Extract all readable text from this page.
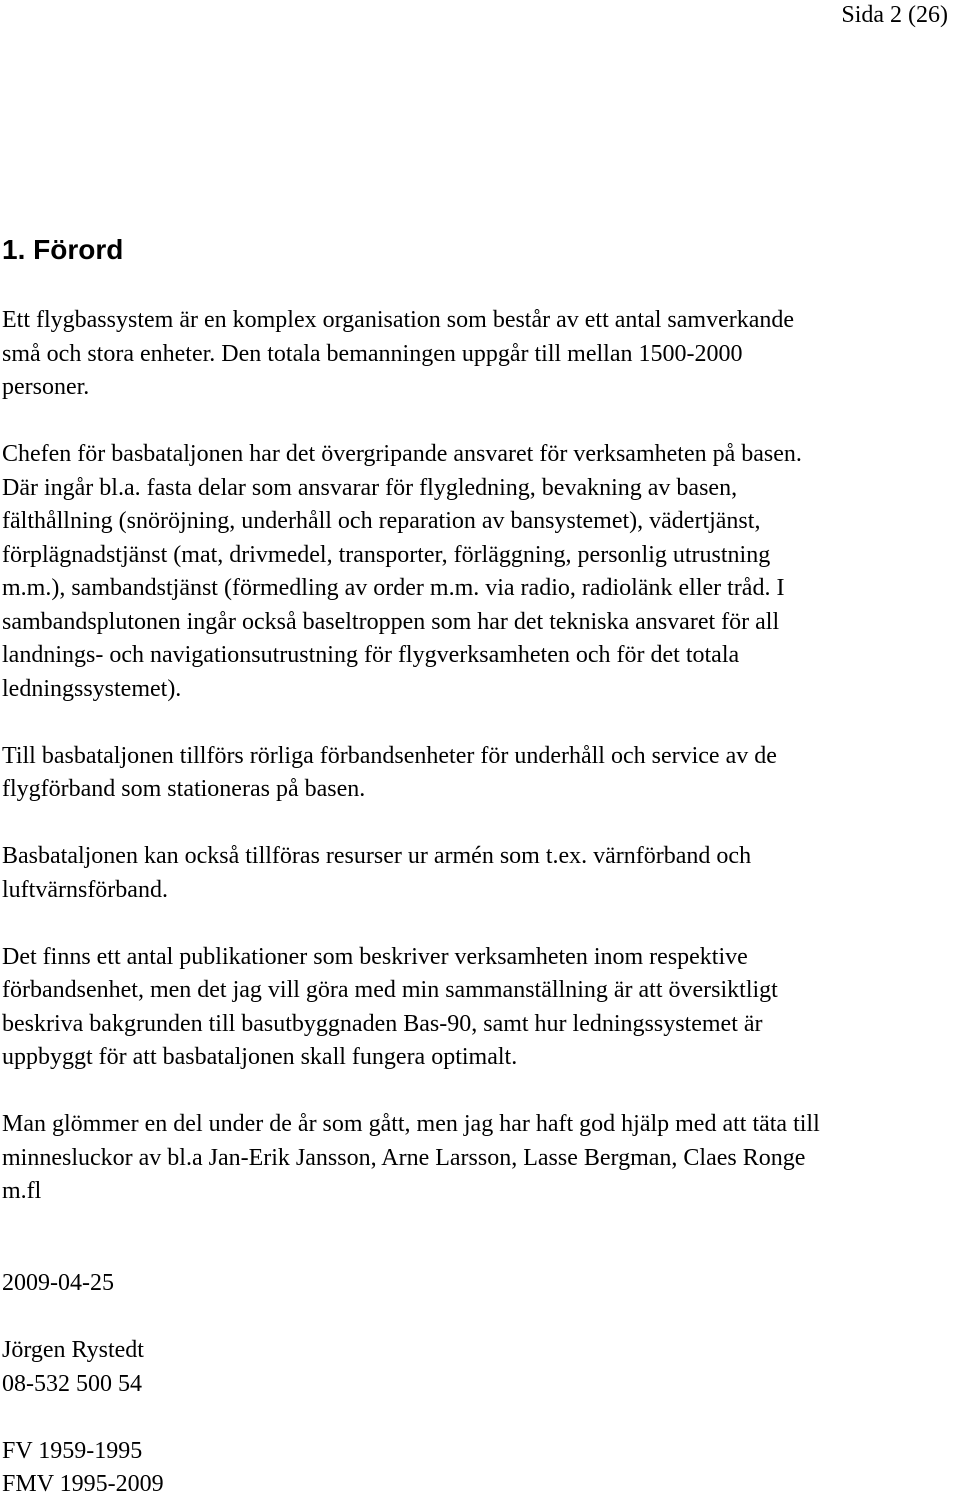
Sida 2 (26)
1. Förord

Ett flygbassystem är en komplex organisation som består av ett antal samverkande
små och stora enheter. Den totala bemanningen uppgår till mellan 1500-2000
personer.

Chefen för basbataljonen har det övergripande ansvaret för verksamheten på basen.
Där ingår bl.a. fasta delar som ansvarar för flygledning, bevakning av basen,
fälthållning (snöröjning, underhåll och reparation av bansystemet), vädertjänst,
förplägnadstjänst (mat, drivmedel, transporter, förläggning, personlig utrustning
m.m.), sambandstjänst (förmedling av order m.m. via radio, radiolänk eller tråd. I
sambandsplutonen ingår också baseltroppen som har det tekniska ansvaret för all
landnings- och navigationsutrustning för flygverksamheten och för det totala
ledningssystemet).

Till basbataljonen tillförs rörliga förbandsenheter för underhåll och service av de
flygförband som stationeras på basen.

Basbataljonen kan också tillföras resurser ur armén som t.ex. värnförband och
luftvärnsförband.

Det finns ett antal publikationer som beskriver verksamheten inom respektive
förbandsenhet, men det jag vill göra med min sammanställning är att översiktligt
beskriva bakgrunden till basutbyggnaden Bas-90, samt hur ledningssystemet är
uppbyggt för att basbataljonen skall fungera optimalt.

Man glömmer en del under de år som gått, men jag har haft god hjälp med att täta till
minnesluckor av bl.a Jan-Erik Jansson, Arne Larsson, Lasse Bergman, Claes Ronge
m.fl

2009-04-25
Jörgen Rystedt
08-532 500 54
FV 1959-1995
FMV 1995-2009
